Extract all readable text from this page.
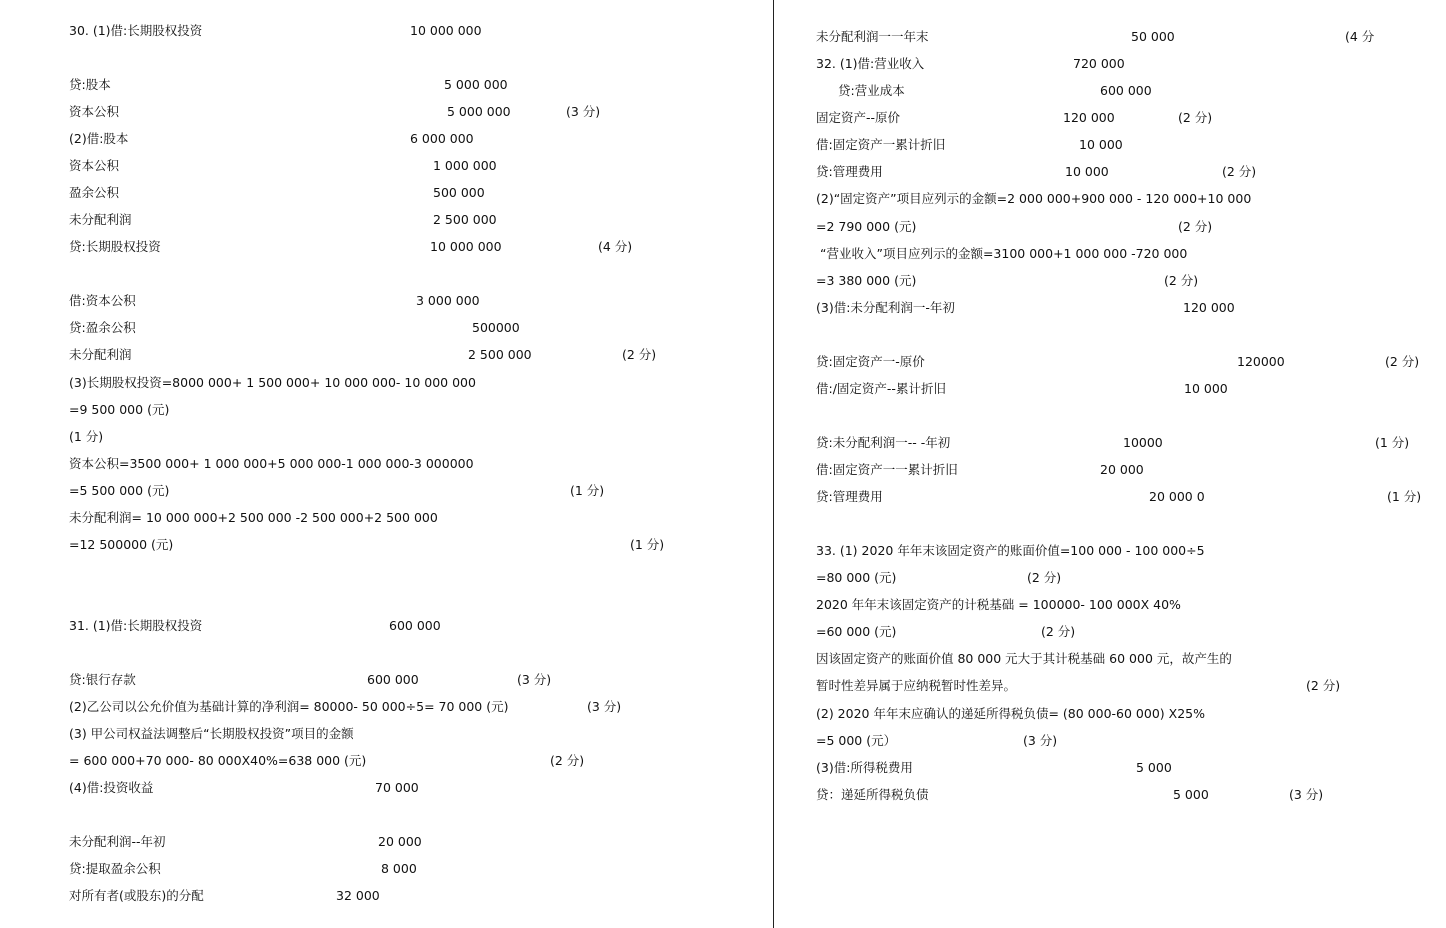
30. (1)借:长期股权投资	10 000 000
贷:股本	5 000 000
资本公积	5 000 000	(3 分)
(2)借:股本	6 000 000
资本公积	1 000 000
盈余公积	500 000
未分配利润	2 500 000
贷:长期股权投资	10 000 000	(4 分)
借:资本公积	3 000 000
贷:盈余公积	500000
未分配利润	2 500 000	(2 分)
(3)长期股权投资=8000 000+ 1 500 000+ 10 000 000- 10 000 000
=9 500 000 (元)
(1 分)
资本公积=3500 000+ 1 000 000+5 000 000-1 000 000-3 000000
=5 500 000 (元)	(1 分)
未分配利润= 10 000 000+2 500 000 -2 500 000+2 500 000
=12 500000 (元)	(1 分)
31. (1)借:长期股权投资	600 000
贷:银行存款	600 000	(3 分)
(2)乙公司以公允价值为基础计算的净利润= 80000- 50 000÷5= 70 000 (元)	(3 分)
(3) 甲公司权益法调整后“长期股权投资”项目的金额
= 600 000+70 000- 80 000X40%=638 000 (元)	(2 分)
(4)借:投资收益	70 000
未分配利润--年初	20 000
贷:提取盈余公积	8 000
对所有者(或股东)的分配	32 000
未分配利润一一年末	50 000	(4 分
32. (1)借:营业收入	720 000
贷:营业成本	600 000
固定资产--原价	120 000	(2 分)
借:固定资产一累计折旧	10 000
贷:管理费用	10 000	(2 分)
(2)“固定资产”项目应列示的金额=2 000 000+900 000 - 120 000+10 000
=2 790 000 (元)	(2 分)
“营业收入”项目应列示的金额=3100 000+1 000 000 -720 000
=3 380 000 (元)	(2 分)
(3)借:未分配利润一-年初	120 000
贷:固定资产一-原价	120000	(2 分)
借:/固定资产--累计折旧	10 000
贷:未分配利润一-- -年初	10000	(1 分)
借:固定资产一一累计折旧	20 000
贷:管理费用	20 000 0	(1 分)
33. (1) 2020 年年末该固定资产的账面价值=100 000 - 100 000÷5
=80 000 (元)	(2 分)
2020 年年末该固定资产的计税基础 = 100000- 100 000X 40%
=60 000 (元)	(2 分)
因该固定资产的账面价值 80 000 元大于其计税基础 60 000 元，故产生的
暂时性差异属于应纳税暂时性差异。	(2 分)
(2) 2020 年年末应确认的递延所得税负债= (80 000-60 000) X25%
=5 000 (元）	(3 分)
(3)借:所得税费用	5 000
贷：递延所得税负债	5 000	(3 分)
